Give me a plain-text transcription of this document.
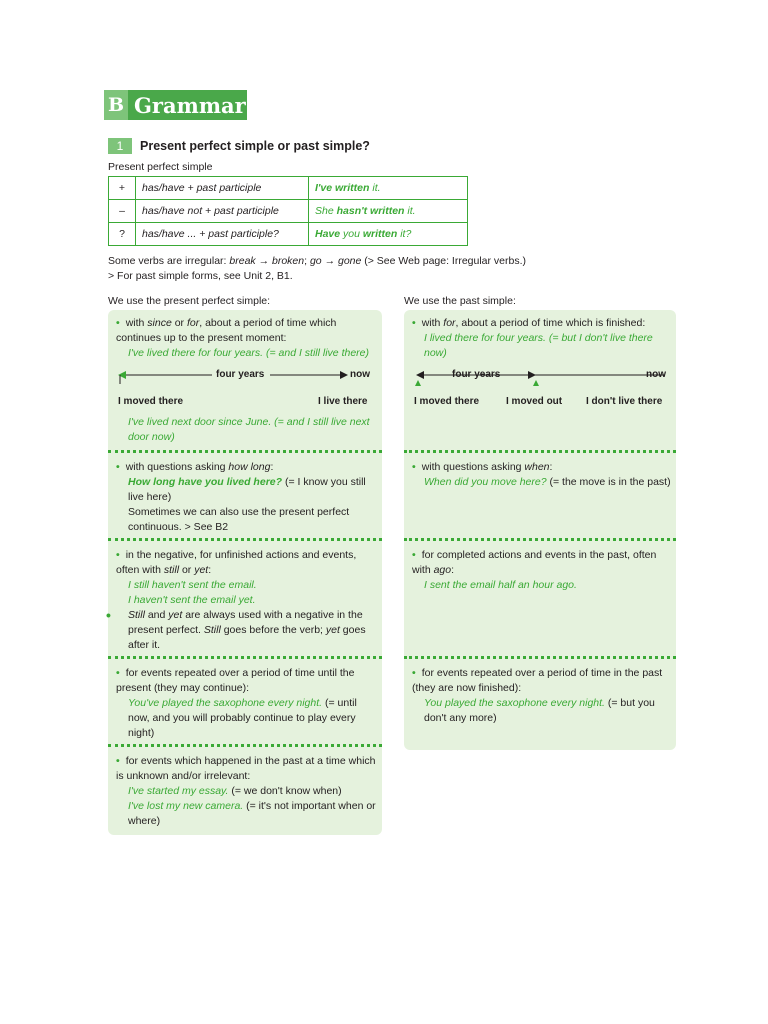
B Grammar
1	Present perfect simple or past simple?
Present perfect simple
+	has/have + past participle	I've written it.
–	has/have not + past participle	She hasn't written it.
?	has/have ... + past participle?	Have you written it?
Some verbs are irregular: break → broken; go → gone (> See Web page: Irregular verbs.)
> For past simple forms, see Unit 2, B1.
We use the present perfect simple:	We use the past simple:
• with since or for, about a period of time which continues up to the present moment:
I've lived there for four years. (= and I still live there)
four years	now
I moved there	I live there
I've lived next door since June. (= and I still live next door now)
• with questions asking how long:
How long have you lived here? (= I know you still live here)
Sometimes we can also use the present perfect continuous. > See B2
• in the negative, for unfinished actions and events, often with still or yet:
I still haven't sent the email.
I haven't sent the email yet.
• Still and yet are always used with a negative in the present perfect. Still goes before the verb; yet goes after it.
• for events repeated over a period of time until the present (they may continue):
You've played the saxophone every night. (= until now, and you will probably continue to play every night)
• for events which happened in the past at a time which is unknown and/or irrelevant:
I've started my essay. (= we don't know when)
I've lost my new camera. (= it's not important when or where)
• with for, about a period of time which is finished:
I lived there for four years. (= but I don't live there now)
four years	now
I moved there	I moved out I don't live there
• with questions asking when:
When did you move here? (= the move is in the past)
• for completed actions and events in the past, often with ago:
I sent the email half an hour ago.
• for events repeated over a period of time in the past (they are now finished):
You played the saxophone every night. (= but you don't any more)
